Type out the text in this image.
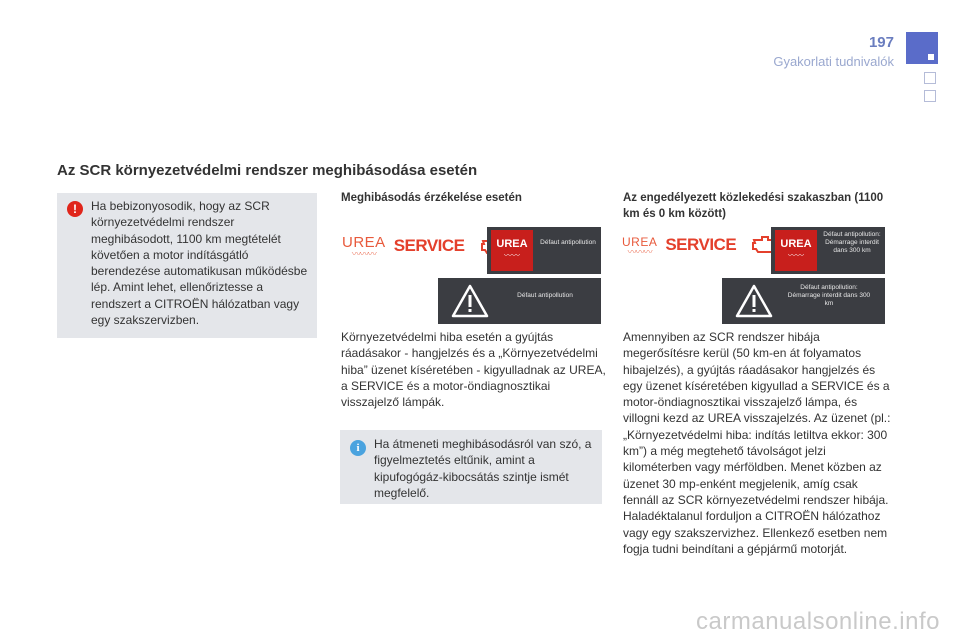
197
Gyakorlati tudnivalók
Az SCR környezetvédelmi rendszer meghibásodása esetén
!	Ha bebizonyosodik, hogy az SCR környezetvédelmi rendszer meghibásodott, 1100 km megtételét követően a motor indításgátló berendezése automatikusan működésbe lép. Amint lehet, ellenőriztesse a rendszert a CITROËN hálózatban vagy egy szakszervizben.
Meghibásodás érzékelése esetén
UREA
〰〰〰 SERVICE	UREA
〰〰
Défaut antipollution
Défaut antipollution
Környezetvédelmi hiba esetén a gyújtás ráadásakor - hangjelzés és a „Környezetvédelmi hiba” üzenet kíséretében - kigyulladnak az UREA, a SERVICE és a motor-öndiagnosztikai visszajelző lámpák.
i	Ha átmeneti meghibásodásról van szó, a figyelmeztetés eltűnik, amint a kipufogógáz-kibocsátás szintje ismét megfelelő.
Az engedélyezett közlekedési szakaszban (1100 km és 0 km között)
UREA
〰〰〰 SERVICE	UREA
〰〰
Défaut antipollution: Démarrage interdit dans 300 km
Défaut antipollution: Démarrage interdit dans 300 km
Amennyiben az SCR rendszer hibája megerősítésre kerül (50 km-en át folyamatos hibajelzés), a gyújtás ráadásakor hangjelzés és egy üzenet kíséretében kigyullad a SERVICE és a motor-öndiagnosztikai visszajelző lámpa, és villogni kezd az UREA visszajelzés. Az üzenet (pl.: „Környezetvédelmi hiba: indítás letiltva ekkor: 300 km”) a még megtehető távolságot jelzi kilométerben vagy mérföldben. Menet közben az üzenet 30 mp-enként megjelenik, amíg csak fennáll az SCR környezetvédelmi rendszer hibája. Haladéktalanul forduljon a CITROËN hálózathoz vagy egy szakszervizhez. Ellenkező esetben nem fogja tudni beindítani a gépjármű motorját.
carmanualsonline.info
